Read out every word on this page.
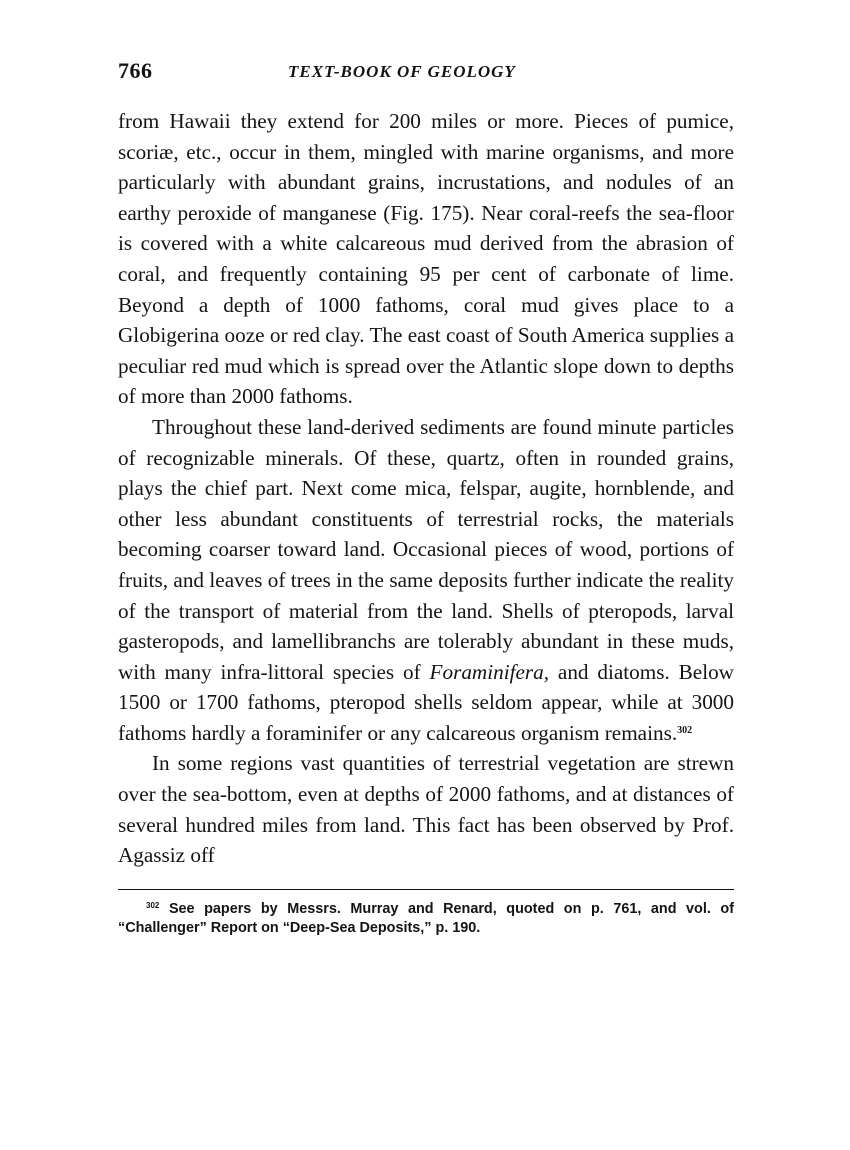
766	TEXT-BOOK OF GEOLOGY

from Hawaii they extend for 200 miles or more. Pieces of pumice, scoriæ, etc., occur in them, mingled with marine organisms, and more particularly with abundant grains, incrustations, and nodules of an earthy peroxide of manganese (Fig. 175). Near coral-reefs the sea-floor is covered with a white calcareous mud derived from the abrasion of coral, and frequently containing 95 per cent of carbonate of lime. Beyond a depth of 1000 fathoms, coral mud gives place to a Globigerina ooze or red clay. The east coast of South America supplies a peculiar red mud which is spread over the Atlantic slope down to depths of more than 2000 fathoms.

Throughout these land-derived sediments are found minute particles of recognizable minerals. Of these, quartz, often in rounded grains, plays the chief part. Next come mica, felspar, augite, hornblende, and other less abundant constituents of terrestrial rocks, the materials becoming coarser toward land. Occasional pieces of wood, portions of fruits, and leaves of trees in the same deposits further indicate the reality of the transport of material from the land. Shells of pteropods, larval gasteropods, and lamellibranchs are tolerably abundant in these muds, with many infra-littoral species of Foraminifera, and diatoms. Below 1500 or 1700 fathoms, pteropod shells seldom appear, while at 3000 fathoms hardly a foraminifer or any calcareous organism remains.$^{302}$

In some regions vast quantities of terrestrial vegetation are strewn over the sea-bottom, even at depths of 2000 fathoms, and at distances of several hundred miles from land. This fact has been observed by Prof. Agassiz off

$^{302}$ See papers by Messrs. Murray and Renard, quoted on p. 761, and vol. of “Challenger” Report on “Deep-Sea Deposits,” p. 190.
